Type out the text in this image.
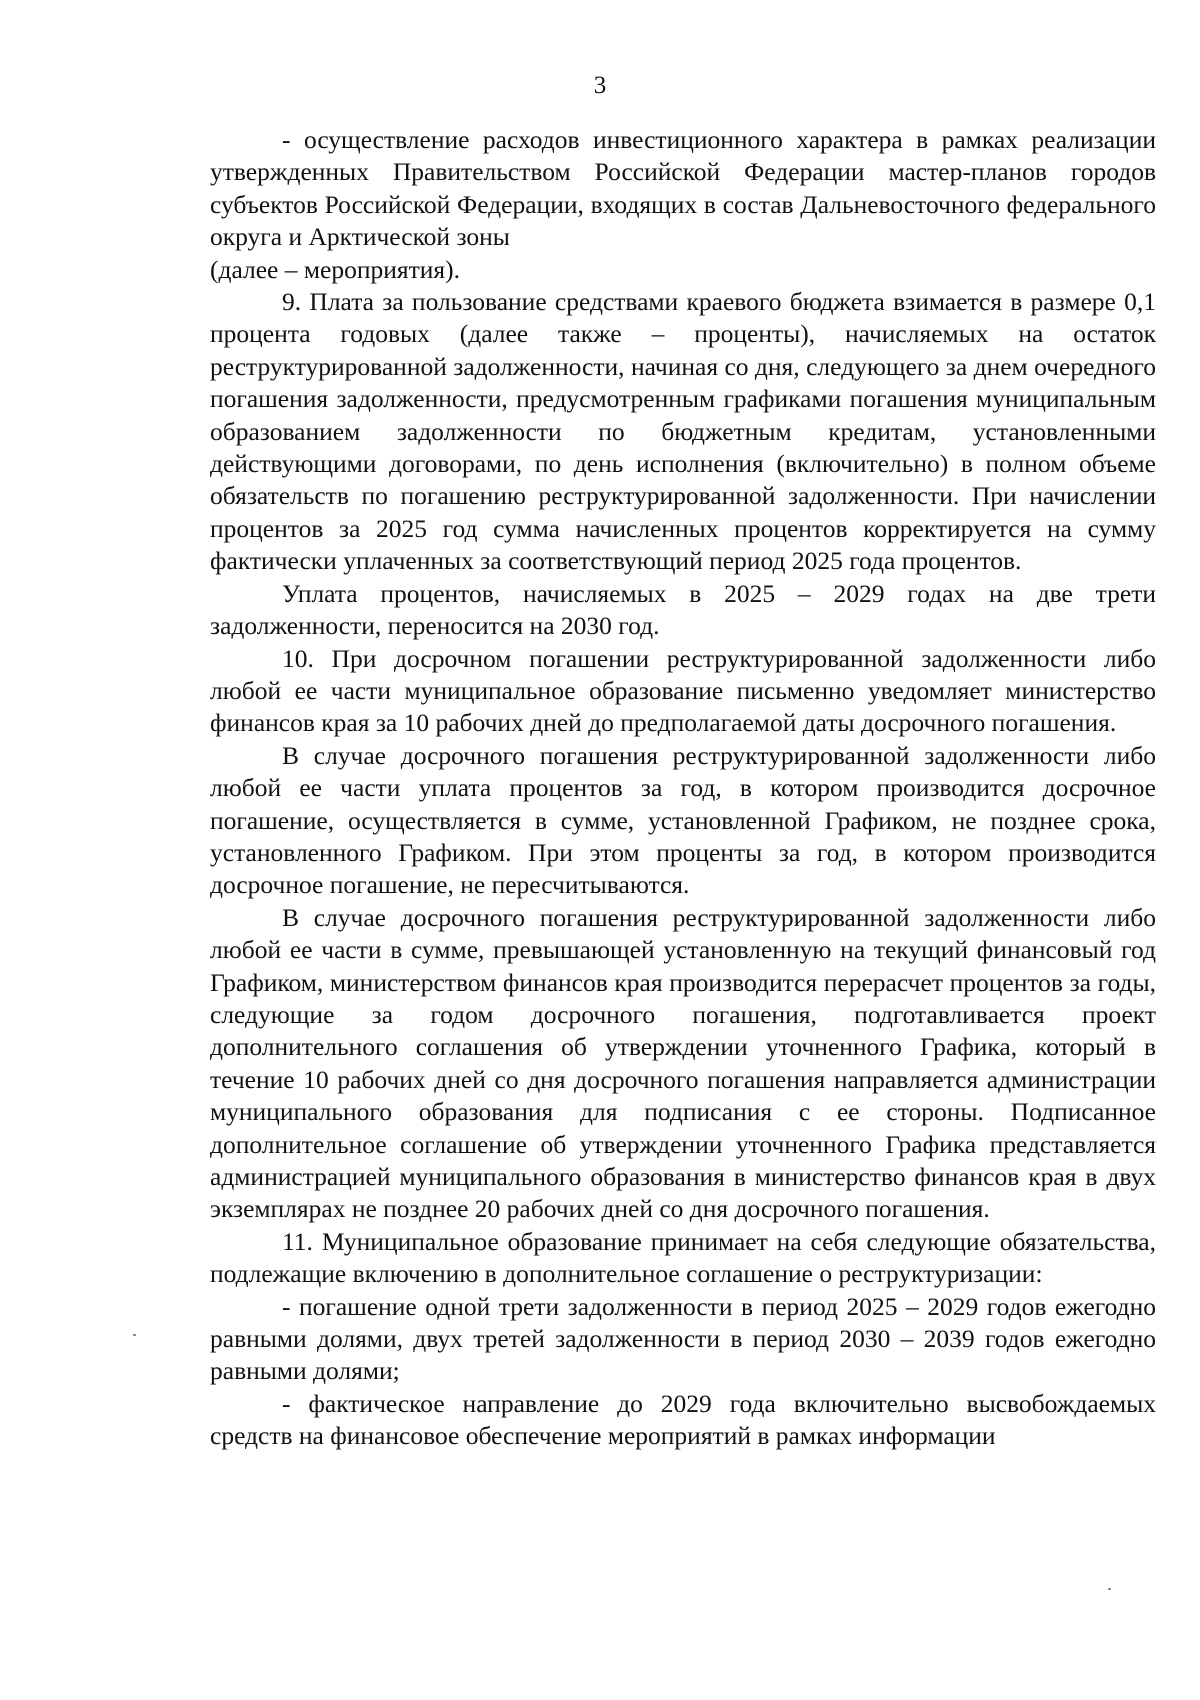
3

- осуществление расходов инвестиционного характера в рамках реализации утвержденных Правительством Российской Федерации мастер-планов городов субъектов Российской Федерации, входящих в состав Дальневосточного федерального округа и Арктической зоны

(далее – мероприятия).

9. Плата за пользование средствами краевого бюджета взимается в размере 0,1 процента годовых (далее также – проценты), начисляемых на остаток реструктурированной задолженности, начиная со дня, следующего за днем очередного погашения задолженности, предусмотренным графиками погашения муниципальным образованием задолженности по бюджетным кредитам, установленными действующими договорами, по день исполнения (включительно) в полном объеме обязательств по погашению реструктурированной задолженности. При начислении процентов за 2025 год сумма начисленных процентов корректируется на сумму фактически уплаченных за соответствующий период 2025 года процентов.

Уплата процентов, начисляемых в 2025 – 2029 годах на две трети задолженности, переносится на 2030 год.

10. При досрочном погашении реструктурированной задолженности либо любой ее части муниципальное образование письменно уведомляет министерство финансов края за 10 рабочих дней до предполагаемой даты досрочного погашения.

В случае досрочного погашения реструктурированной задолженности либо любой ее части уплата процентов за год, в котором производится досрочное погашение, осуществляется в сумме, установленной Графиком, не позднее срока, установленного Графиком. При этом проценты за год, в котором производится досрочное погашение, не пересчитываются.

В случае досрочного погашения реструктурированной задолженности либо любой ее части в сумме, превышающей установленную на текущий финансовый год Графиком, министерством финансов края производится перерасчет процентов за годы, следующие за годом досрочного погашения, подготавливается проект дополнительного соглашения об утверждении уточненного Графика, который в течение 10 рабочих дней со дня досрочного погашения направляется администрации муниципального образования для подписания с ее стороны. Подписанное дополнительное соглашение об утверждении уточненного Графика представляется администрацией муниципального образования в министерство финансов края в двух экземплярах не позднее 20 рабочих дней со дня досрочного погашения.

11. Муниципальное образование принимает на себя следующие обязательства, подлежащие включению в дополнительное соглашение о реструктуризации:

- погашение одной трети задолженности в период 2025 – 2029 годов ежегодно равными долями, двух третей задолженности в период 2030 – 2039 годов ежегодно равными долями;

- фактическое направление до 2029 года включительно высвобождаемых средств на финансовое обеспечение мероприятий в рамках информации
